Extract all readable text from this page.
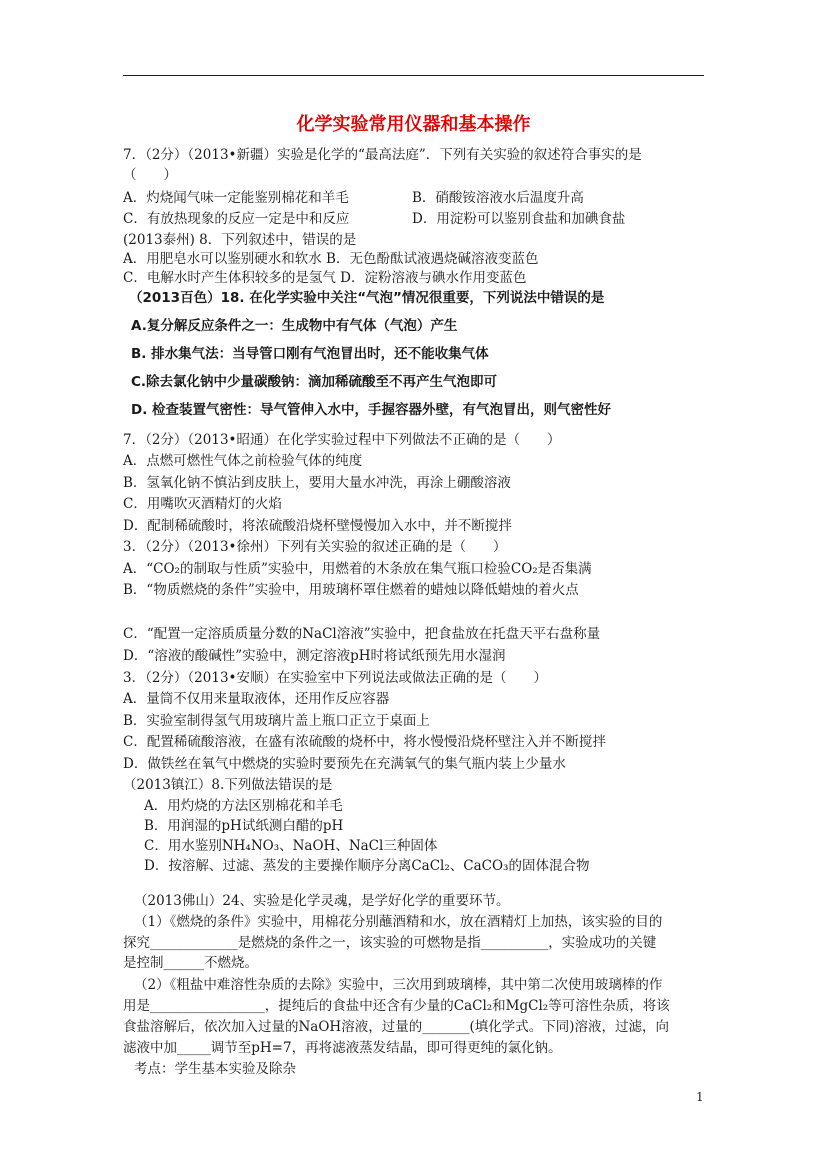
化学实验常用仪器和基本操作
7．（2分）（2013•新疆）实验是化学的“最高法庭”．下列有关实验的叙述符合事实的是
（　　）
A．灼烧闻气味一定能鉴别棉花和羊毛	B．硝酸铵溶液水后温度升高
C．有放热现象的反应一定是中和反应	D．用淀粉可以鉴别食盐和加碘食盐
(2013泰州) 8．下列叙述中，错误的是
A．用肥皂水可以鉴别硬水和软水 B．无色酚酞试液遇烧碱溶液变蓝色
C．电解水时产生体积较多的是氢气 D．淀粉溶液与碘水作用变蓝色
（2013百色）18. 在化学实验中关注“气泡”情况很重要，下列说法中错误的是
A.复分解反应条件之一：生成物中有气体（气泡）产生
B. 排水集气法：当导管口刚有气泡冒出时，还不能收集气体
C.除去氯化钠中少量碳酸钠：滴加稀硫酸至不再产生气泡即可
D. 检查装置气密性：导气管伸入水中，手握容器外壁，有气泡冒出，则气密性好
7．（2分）（2013•昭通）在化学实验过程中下列做法不正确的是（　　）
A．点燃可燃性气体之前检验气体的纯度
B．氢氧化钠不慎沾到皮肤上，要用大量水冲洗，再涂上硼酸溶液
C．用嘴吹灭酒精灯的火焰
D．配制稀硫酸时，将浓硫酸沿烧杯壁慢慢加入水中，并不断搅拌
3．（2分）（2013•徐州）下列有关实验的叙述正确的是（　　）
A．“CO₂的制取与性质”实验中，用燃着的木条放在集气瓶口检验CO₂是否集满
B．“物质燃烧的条件”实验中，用玻璃杯罩住燃着的蜡烛以降低蜡烛的着火点
C．“配置一定溶质质量分数的NaCl溶液”实验中，把食盐放在托盘天平右盘称量
D．“溶液的酸碱性”实验中，测定溶液pH时将试纸预先用水湿润
3．（2分）（2013•安顺）在实验室中下列说法或做法正确的是（　　）
A．量筒不仅用来量取液体，还用作反应容器
B．实验室制得氢气用玻璃片盖上瓶口正立于桌面上
C．配置稀硫酸溶液，在盛有浓硫酸的烧杯中，将水慢慢沿烧杯壁注入并不断搅拌
D．做铁丝在氧气中燃烧的实验时要预先在充满氧气的集气瓶内装上少量水
（2013镇江）8.下列做法错误的是
A．用灼烧的方法区别棉花和羊毛
B．用润湿的pH试纸测白醋的pH
C．用水鉴别NH₄NO₃、NaOH、NaCl三种固体
D．按溶解、过滤、蒸发的主要操作顺序分离CaCl₂、CaCO₃的固体混合物
（2013佛山）24、实验是化学灵魂，是学好化学的重要环节。
（1）《燃烧的条件》实验中，用棉花分别蘸酒精和水，放在酒精灯上加热，该实验的目的
探究_____________是燃烧的条件之一，该实验的可燃物是指__________，实验成功的关键
是控制______不燃烧。
（2）《粗盐中难溶性杂质的去除》实验中，三次用到玻璃棒，其中第二次使用玻璃棒的作
用是_________________，提纯后的食盐中还含有少量的CaCl₂和MgCl₂等可溶性杂质，将该
食盐溶解后，依次加入过量的NaOH溶液，过量的_______(填化学式。下同)溶液，过滤，向
滤液中加_____调节至pH=7，再将滤液蒸发结晶，即可得更纯的氯化钠。
考点：学生基本实验及除杂
1
